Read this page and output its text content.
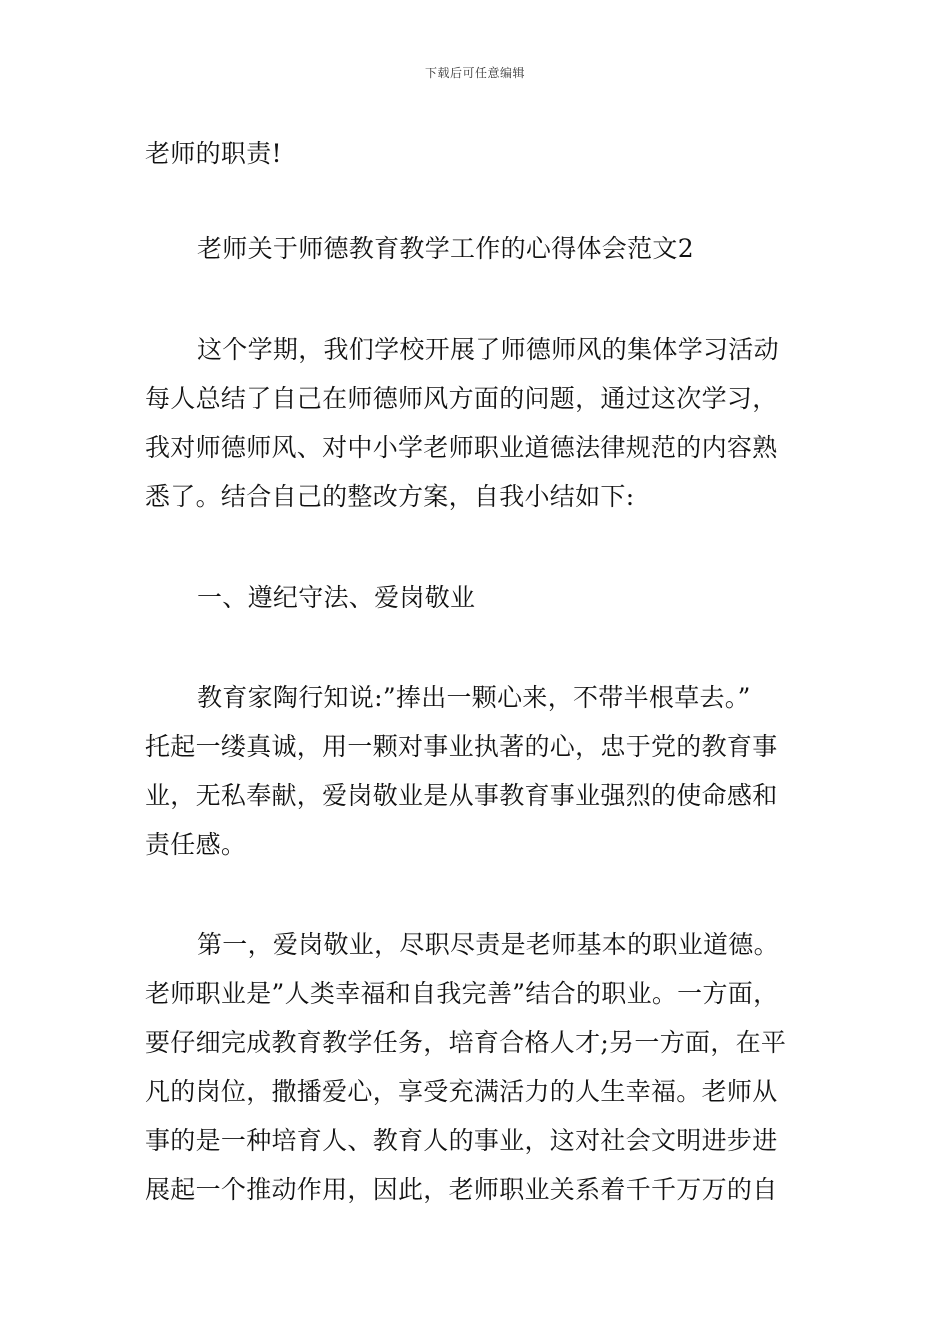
下载后可任意编辑
老师的职责!
老师关于师德教育教学工作的心得体会范文2
这个学期，我们学校开展了师德师风的集体学习活动
每人总结了自己在师德师风方面的问题，通过这次学习，
我对师德师风、对中小学老师职业道德法律规范的内容熟
悉了。结合自己的整改方案，自我小结如下:
一、遵纪守法、爱岗敬业
教育家陶行知说:”捧出一颗心来，不带半根草去。”
托起一缕真诚，用一颗对事业执著的心，忠于党的教育事
业，无私奉献，爱岗敬业是从事教育事业强烈的使命感和
责任感。
第一，爱岗敬业，尽职尽责是老师基本的职业道德。
老师职业是”人类幸福和自我完善”结合的职业。一方面，
要仔细完成教育教学任务，培育合格人才;另一方面，在平
凡的岗位，撒播爱心，享受充满活力的人生幸福。老师从
事的是一种培育人、教育人的事业，这对社会文明进步进
展起一个推动作用，因此，老师职业关系着千千万万的自
